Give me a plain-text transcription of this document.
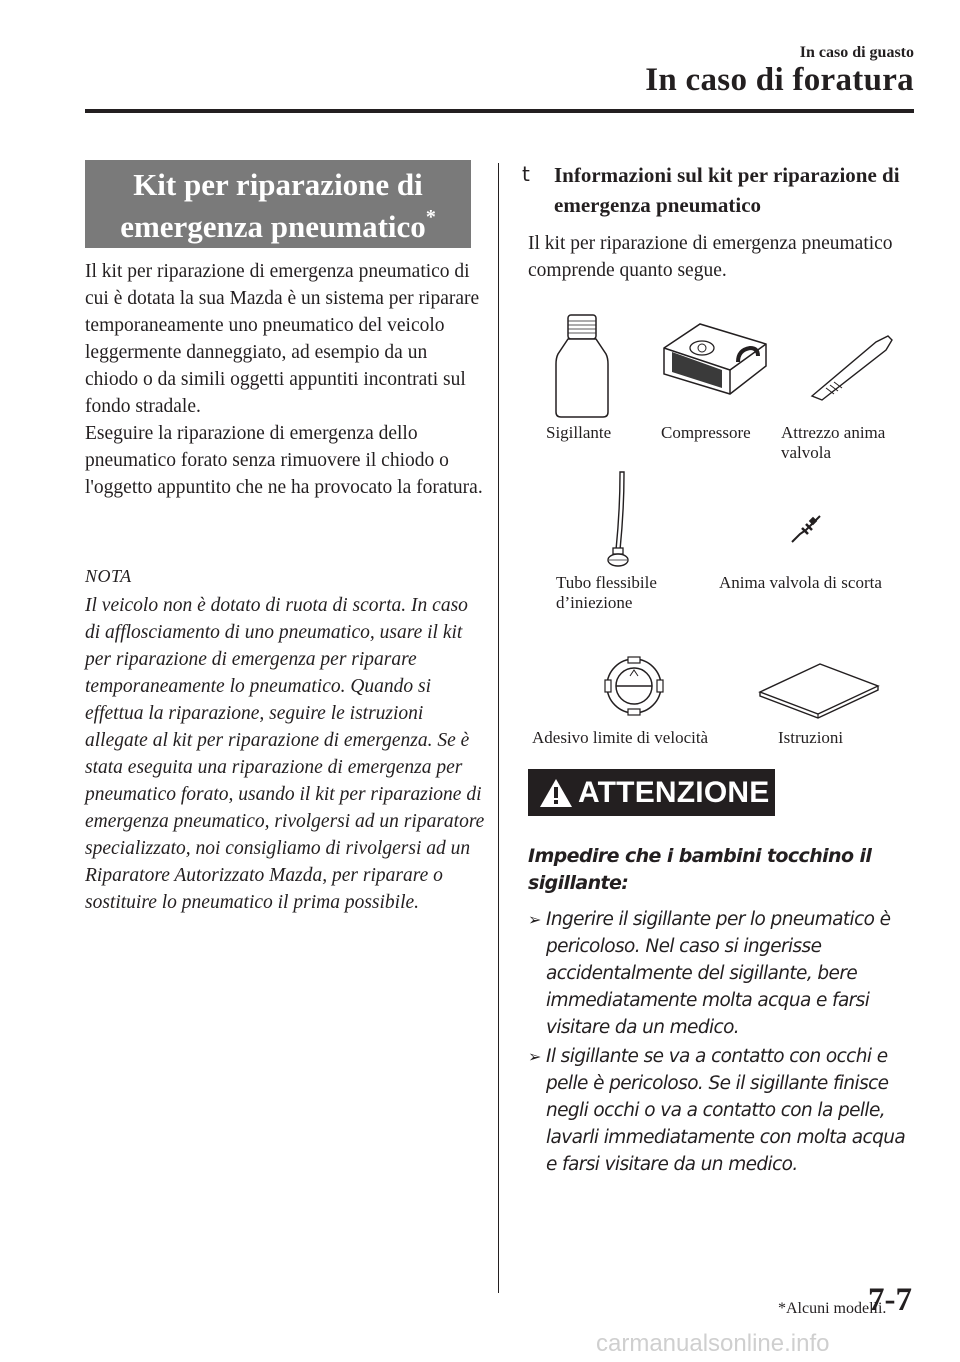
In caso di guasto
In caso di foratura
Kit per riparazione di
emergenza pneumatico*

Il kit per riparazione di emergenza pneumatico di cui è dotata la sua Mazda è un sistema per riparare temporaneamente uno pneumatico del veicolo leggermente danneggiato, ad esempio da un chiodo o da simili oggetti appuntiti incontrati sul fondo stradale.

Eseguire la riparazione di emergenza dello pneumatico forato senza rimuovere il chiodo o l'oggetto appuntito che ne ha provocato la foratura.

NOTA
Il veicolo non è dotato di ruota di scorta. In caso di afflosciamento di uno pneumatico, usare il kit per riparazione di emergenza per riparare temporaneamente lo pneumatico. Quando si effettua la riparazione, seguire le istruzioni allegate al kit per riparazione di emergenza. Se è stata eseguita una riparazione di emergenza per pneumatico forato, usando il kit per riparazione di emergenza pneumatico, rivolgersi ad un riparatore specializzato, noi consigliamo di rivolgersi ad un Riparatore Autorizzato Mazda, per riparare o sostituire lo pneumatico il prima possibile.
t Informazioni sul kit per riparazione di emergenza pneumatico
Il kit per riparazione di emergenza pneumatico comprende quanto segue.
Sigillante	Compressore Attrezzo anima valvola
Tubo flessibile d’iniezione
Anima valvola di scorta
Adesivo limite di velocità	Istruzioni
ATTENZIONE
Impedire che i bambini tocchino il sigillante:
➢ Ingerire il sigillante per lo pneumatico è pericoloso. Nel caso si ingerisse accidentalmente del sigillante, bere immediatamente molta acqua e farsi visitare da un medico.
➢ Il sigillante se va a contatto con occhi e pelle è pericoloso. Se il sigillante finisce negli occhi o va a contatto con la pelle, lavarli immediatamente con molta acqua e farsi visitare da un medico.
*Alcuni modelli.
7-7
carmanualsonline.info
